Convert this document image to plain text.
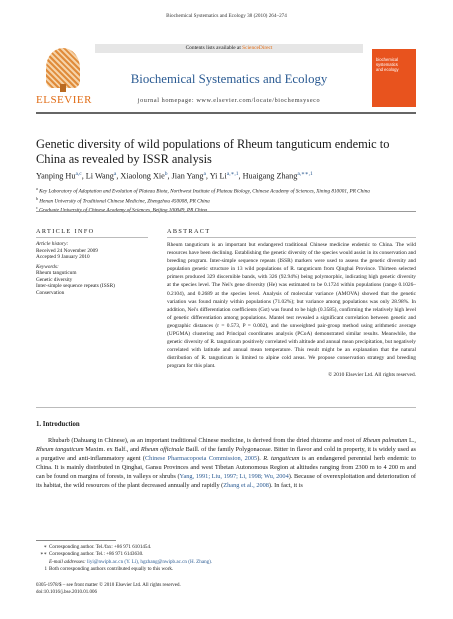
Biochemical Systematics and Ecology 38 (2010) 264–274
ELSEVIER
Contents lists available at ScienceDirect
Biochemical Systematics and Ecology
journal homepage: www.elsevier.com/locate/biochemsyseco
biochemical
systematics
and ecology
Genetic diversity of wild populations of Rheum tanguticum endemic to China as revealed by ISSR analysis
Yanping Hu$^{a,c}$, Li Wang$^a$, Xiaolong Xie$^b$, Jian Yang$^a$, Yi $Li^{a,∗,1}$, Huaigang Zhang$^{a,∗∗,1}$
$^a$ Key Laboratory of Adaptation and Evolution of Plateau Biota, Northwest Institute of Plateau Biology, Chinese Academy of Sciences, Xining 810001, PR China
$^b$ Henan University of Traditional Chinese Medicine, Zhengzhou 450008, PR China
$^c$ Graduate University of Chinese Academy of Sciences, Beijing 100049, PR China
ARTICLE INFO	ABSTRACT
Article history:
Received 24 November 2009
Accepted 9 January 2010
Keywords:
Rheum tanguticum
Genetic diversity
Inter-simple sequence repeats (ISSR)
Conservation
Rheum tanguticum is an important but endangered traditional Chinese medicine endemic to China. The wild resources have been declining. Establishing the genetic diversity of the species would assist in its conservation and breeding program. Inter-simple sequence repeats (ISSR) markers were used to assess the genetic diversity and population genetic structure in 13 wild populations of R. tanguticum from Qinghai Province. Thirteen selected primers produced 329 discernible bands, with 326 (92.94%) being polymorphic, indicating high genetic diversity at the species level. The Nei's gene diversity (He) was estimated to be 0.1724 within populations (range 0.1026–0.2104), and 0.2689 at the species level. Analysis of molecular variance (AMOVA) showed that the genetic variation was found mainly within populations (71.02%); but variance among populations was only 28.98%. In addition, Nei's differentiation coefficients (Gst) was found to be high (0.3585), confirming the relatively high level of genetic differentiation among populations. Mantel test revealed a significant correlation between genetic and geographic distances (r = 0.573, P = 0.002), and the unweighted pair-group method using arithmetic average (UPGMA) clustering and Principal coordinates analysis (PCoA) demonstrated similar results. Meanwhile, the genetic diversity of R. tanguticum positively correlated with altitude and annual mean precipitation, but negatively correlated with latitude and annual mean temperature. This result might be an explanation that the natural distribution of R. tanguticum is limited to alpine cold areas. We propose conservation strategy and breeding program for this plant.
© 2010 Elsevier Ltd. All rights reserved.
1. Introduction
Rhubarb (Dahuang in Chinese), as an important traditional Chinese medicine, is derived from the dried rhizome and root of Rheum palmatum L., Rheum tanguticum Maxim. ex Balf., and Rheum officinale Baill. of the family Polygonaceae. Bitter in flavor and cold in property, it is widely used as a purgative and anti-inflammatory agent (Chinese Pharmacopoeia Commission, 2005). R. tanguticum is an endangered perennial herb endemic to China. It is mainly distributed in Qinghai, Gansu Provinces and west Tibetan Autonomous Region at altitudes ranging from 2300 m to 4 200 m and can be found on margins of forests, in valleys or shrubs (Yang, 1991; Liu, 1997; Li, 1998; Wu, 2004). Because of overexploitation and deterioration of its habitat, the wild resources of the plant decreased annually and rapidly (Zhang et al., 2008). In fact, it is
∗ Corresponding author. Tel./fax: +86 971 6101454.
∗∗ Corresponding author. Tel.: +86 971 6143630.
E-mail addresses: liyi@nwipb.ac.cn (Y. Li), hgzhang@nwipb.ac.cn (H. Zhang).
1 Both corresponding authors contributed equally to this work.
0305-1978/$ – see front matter © 2010 Elsevier Ltd. All rights reserved.
doi:10.1016/j.bse.2010.01.006
